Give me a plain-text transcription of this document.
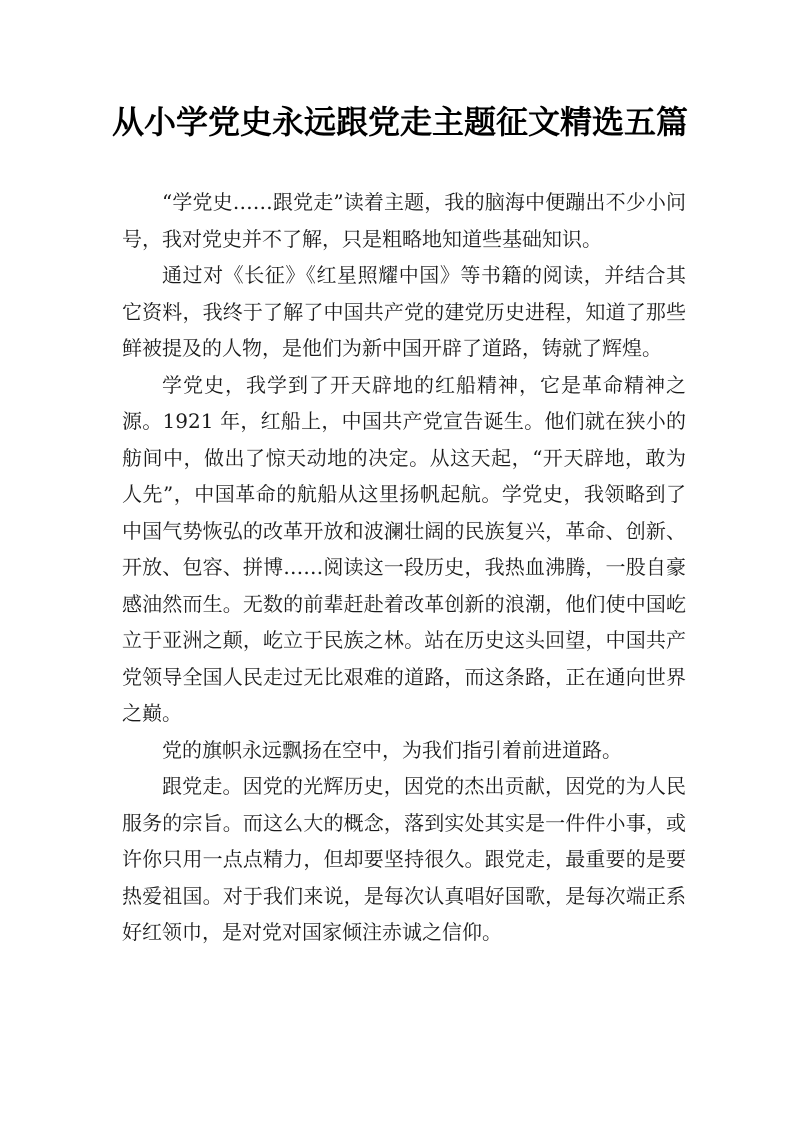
从小学党史永远跟党走主题征文精选五篇

“学党史……跟党走”读着主题，我的脑海中便蹦出不少小问号，我对党史并不了解，只是粗略地知道些基础知识。

通过对《长征》《红星照耀中国》等书籍的阅读，并结合其它资料，我终于了解了中国共产党的建党历史进程，知道了那些鲜被提及的人物，是他们为新中国开辟了道路，铸就了辉煌。

学党史，我学到了开天辟地的红船精神，它是革命精神之源。1921 年，红船上，中国共产党宣告诞生。他们就在狭小的舫间中，做出了惊天动地的决定。从这天起，“开天辟地，敢为人先”，中国革命的航船从这里扬帆起航。学党史，我领略到了中国气势恢弘的改革开放和波澜壮阔的民族复兴，革命、创新、开放、包容、拼博……阅读这一段历史，我热血沸腾，一股自豪感油然而生。无数的前辈赶赴着改革创新的浪潮，他们使中国屹立于亚洲之颠，屹立于民族之林。站在历史这头回望，中国共产党领导全国人民走过无比艰难的道路，而这条路，正在通向世界之巅。

党的旗帜永远飘扬在空中，为我们指引着前进道路。

跟党走。因党的光辉历史，因党的杰出贡献，因党的为人民服务的宗旨。而这么大的概念，落到实处其实是一件件小事，或许你只用一点点精力，但却要坚持很久。跟党走，最重要的是要热爱祖国。对于我们来说，是每次认真唱好国歌，是每次端正系好红领巾，是对党对国家倾注赤诚之信仰。
